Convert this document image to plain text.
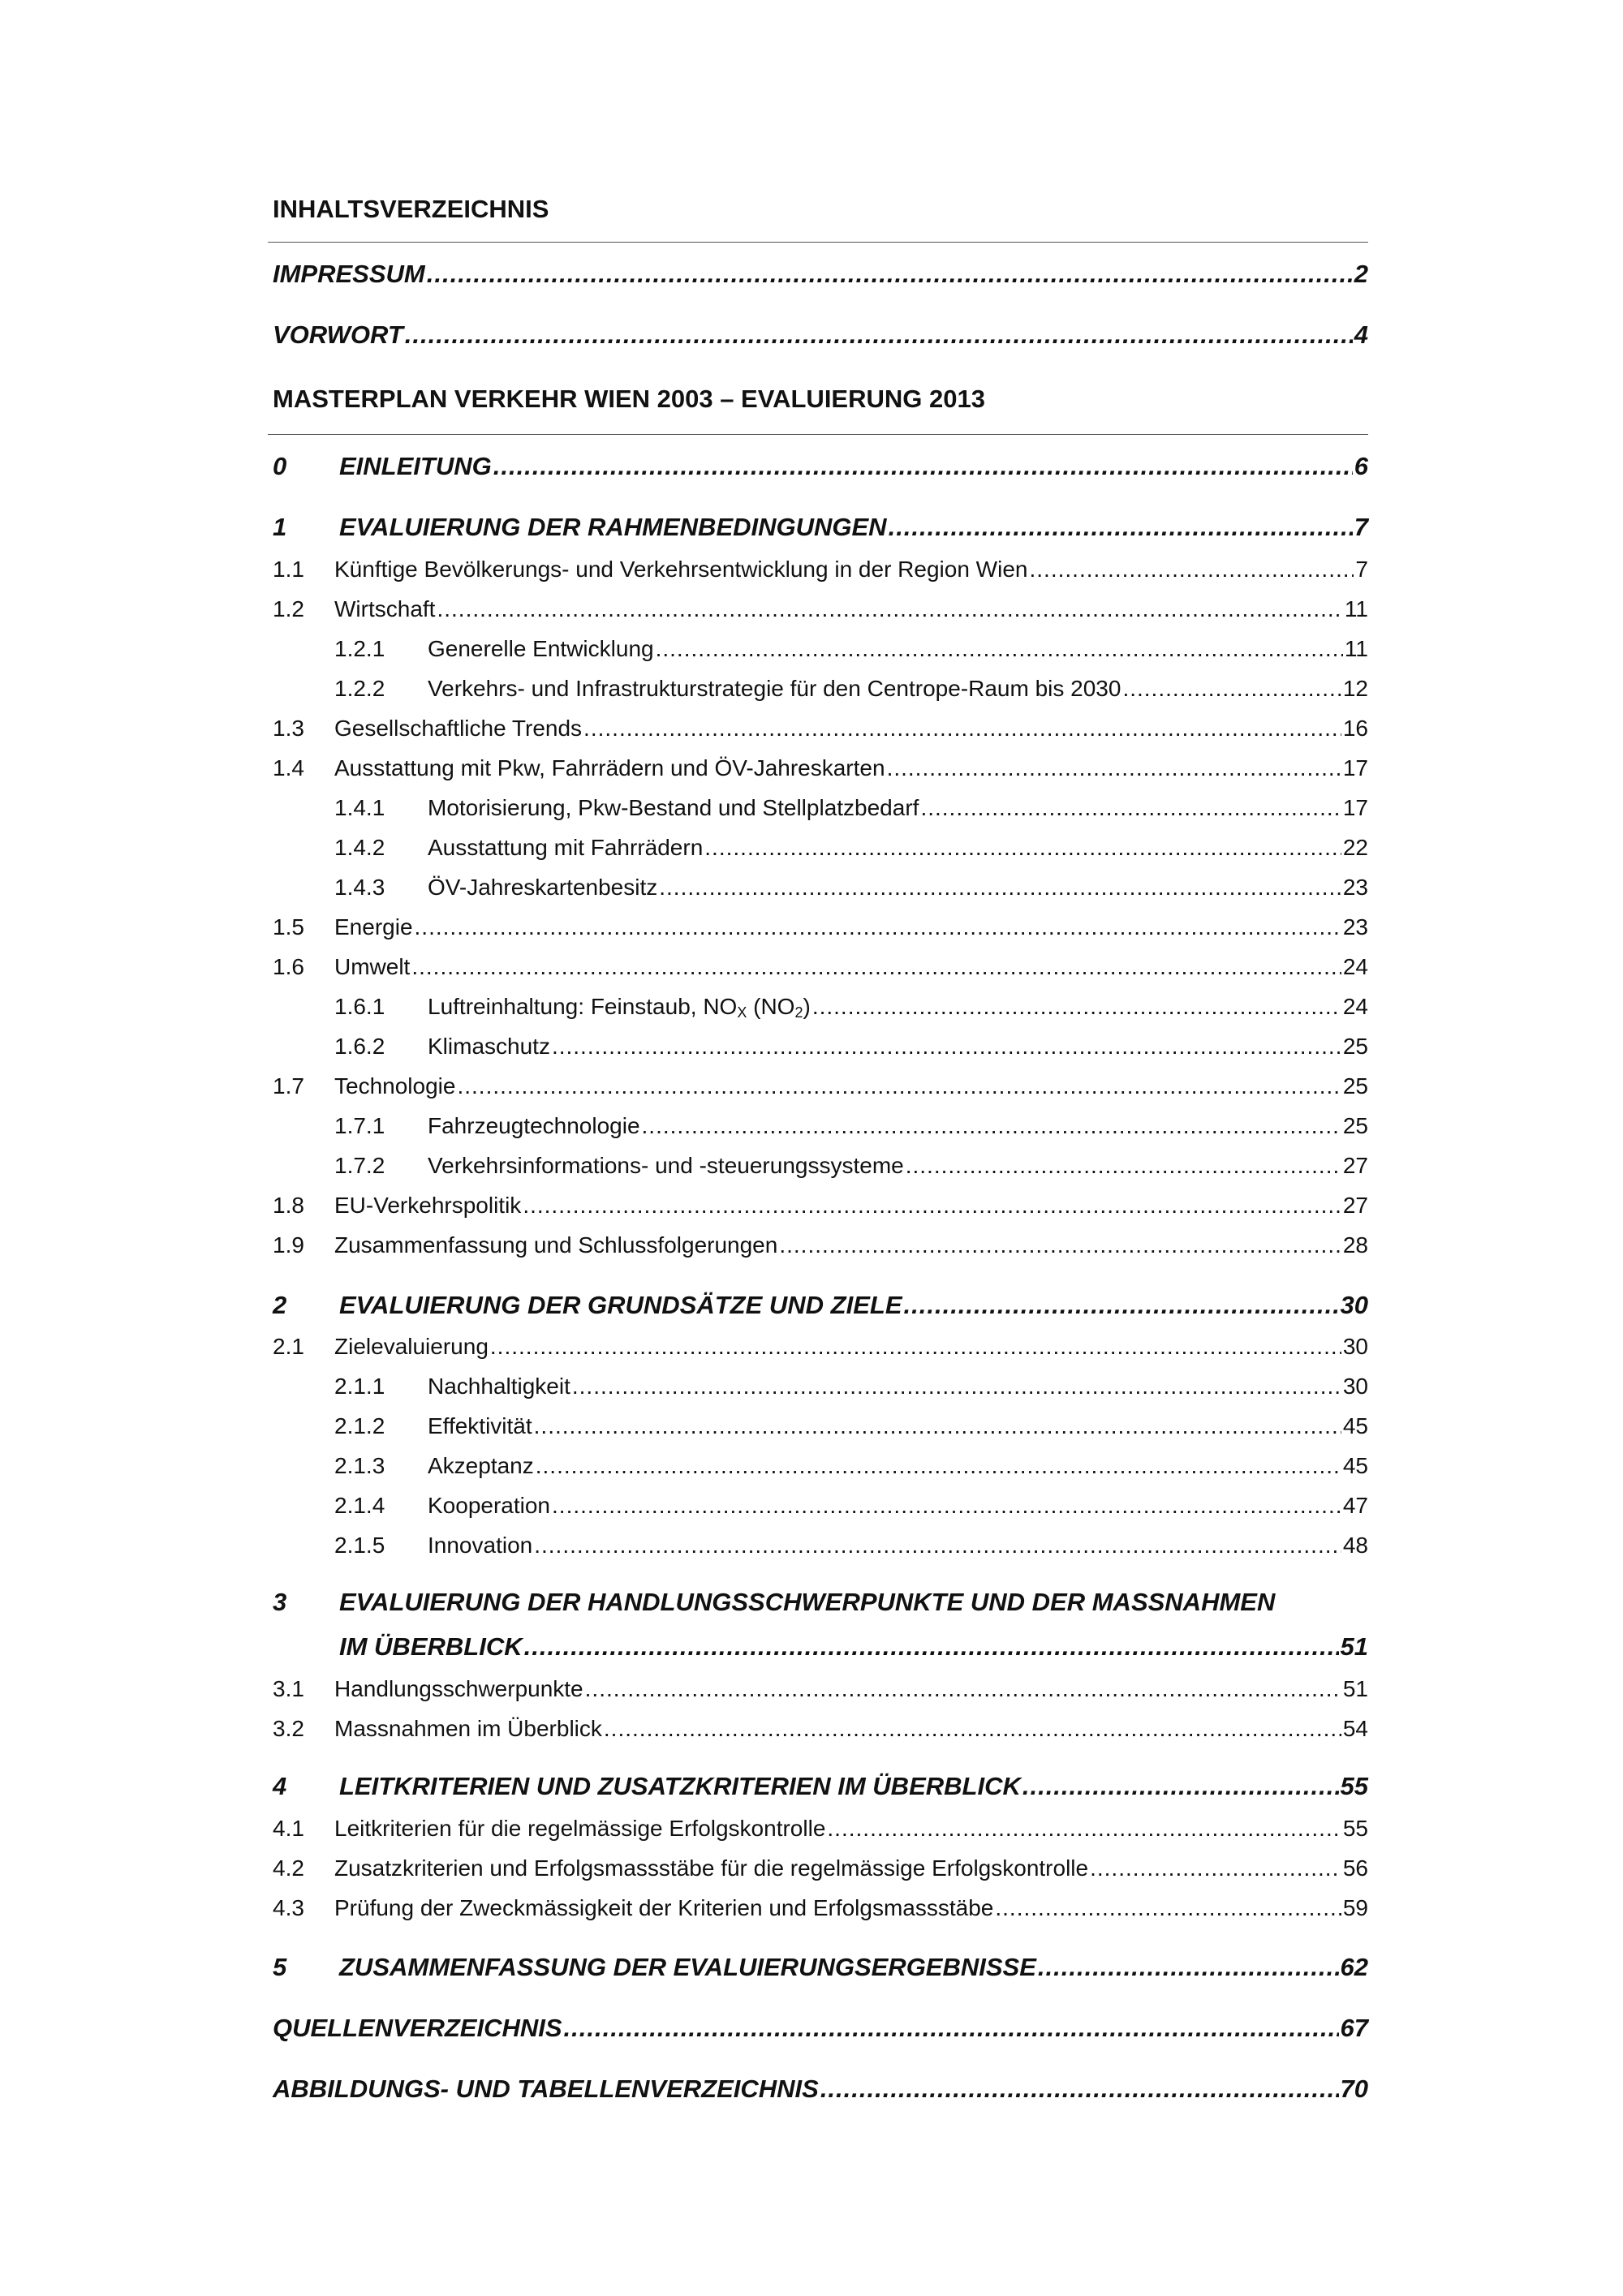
INHALTSVERZEICHNIS
IMPRESSUM .....	2
VORWORT .....	4
MASTERPLAN VERKEHR WIEN 2003 – EVALUIERUNG 2013
0	EINLEITUNG .....	6
1	EVALUIERUNG DER RAHMENBEDINGUNGEN .....	7
1.1	Künftige Bevölkerungs- und Verkehrsentwicklung in der Region Wien .....	7
1.2	Wirtschaft .....	11
1.2.1	Generelle Entwicklung .....	11
1.2.2	Verkehrs- und Infrastrukturstrategie für den Centrope-Raum bis 2030 .....	12
1.3	Gesellschaftliche Trends .....	16
1.4	Ausstattung mit Pkw, Fahrrädern und ÖV-Jahreskarten .....	17
1.4.1	Motorisierung, Pkw-Bestand und Stellplatzbedarf .....	17
1.4.2	Ausstattung mit Fahrrädern .....	22
1.4.3	ÖV-Jahreskartenbesitz .....	23
1.5	Energie .....	23
1.6	Umwelt .....	24
1.6.1	Luftreinhaltung: Feinstaub, $NO_X$ $(NO_2)$ .....	24
1.6.2	Klimaschutz .....	25
1.7	Technologie .....	25
1.7.1	Fahrzeugtechnologie .....	25
1.7.2	Verkehrsinformations- und -steuerungssysteme .....	27
1.8	EU-Verkehrspolitik .....	27
1.9	Zusammenfassung und Schlussfolgerungen .....	28
2	EVALUIERUNG DER GRUNDSÄTZE UND ZIELE .....	30
2.1	Zielevaluierung .....	30
2.1.1	Nachhaltigkeit .....	30
2.1.2	Effektivität .....	45
2.1.3	Akzeptanz .....	45
2.1.4	Kooperation .....	47
2.1.5	Innovation .....	48
3 EVALUIERUNG DER HANDLUNGSSCHWERPUNKTE UND DER MASSNAHMEN
IM ÜBERBLICK .....	51
3.1	Handlungsschwerpunkte .....	51
3.2	Massnahmen im Überblick .....	54
4	LEITKRITERIEN UND ZUSATZKRITERIEN IM ÜBERBLICK .....	55
4.1	Leitkriterien für die regelmässige Erfolgskontrolle .....	55
4.2	Zusatzkriterien und Erfolgsmassstäbe für die regelmässige Erfolgskontrolle .....	56
4.3	Prüfung der Zweckmässigkeit der Kriterien und Erfolgsmassstäbe .....	59
5	ZUSAMMENFASSUNG DER EVALUIERUNGSERGEBNISSE .....	62
QUELLENVERZEICHNIS .....	67
ABBILDUNGS- UND TABELLENVERZEICHNIS .....	70
